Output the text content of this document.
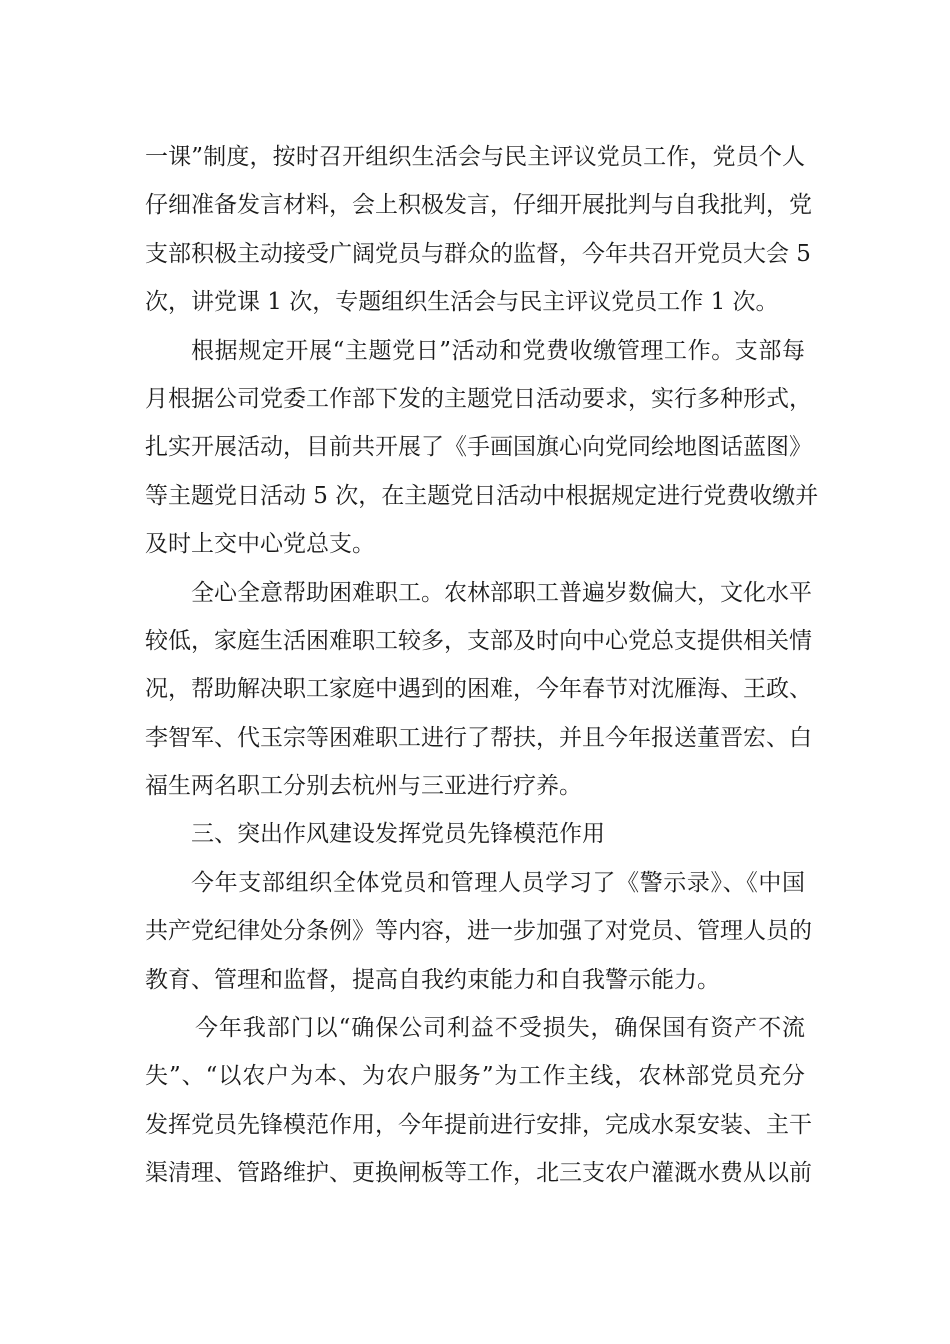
一课”制度，按时召开组织生活会与民主评议党员工作，党员个人
仔细准备发言材料，会上积极发言，仔细开展批判与自我批判，党
支部积极主动接受广阔党员与群众的监督，今年共召开党员大会 5
次，讲党课 1 次，专题组织生活会与民主评议党员工作 1 次。
根据规定开展“主题党日”活动和党费收缴管理工作。支部每
月根据公司党委工作部下发的主题党日活动要求，实行多种形式，
扎实开展活动，目前共开展了《手画国旗心向党同绘地图话蓝图》
等主题党日活动 5 次，在主题党日活动中根据规定进行党费收缴并
及时上交中心党总支。
全心全意帮助困难职工。农林部职工普遍岁数偏大，文化水平
较低，家庭生活困难职工较多，支部及时向中心党总支提供相关情
况，帮助解决职工家庭中遇到的困难，今年春节对沈雁海、王政、
李智军、代玉宗等困难职工进行了帮扶，并且今年报送董晋宏、白
福生两名职工分别去杭州与三亚进行疗养。
三、突出作风建设发挥党员先锋模范作用
今年支部组织全体党员和管理人员学习了《警示录》、《中国
共产党纪律处分条例》等内容，进一步加强了对党员、管理人员的
教育、管理和监督，提高自我约束能力和自我警示能力。
今年我部门以“确保公司利益不受损失，确保国有资产不流
失”、“以农户为本、为农户服务”为工作主线，农林部党员充分
发挥党员先锋模范作用，今年提前进行安排，完成水泵安装、主干
渠清理、管路维护、更换闸板等工作，北三支农户灌溉水费从以前
